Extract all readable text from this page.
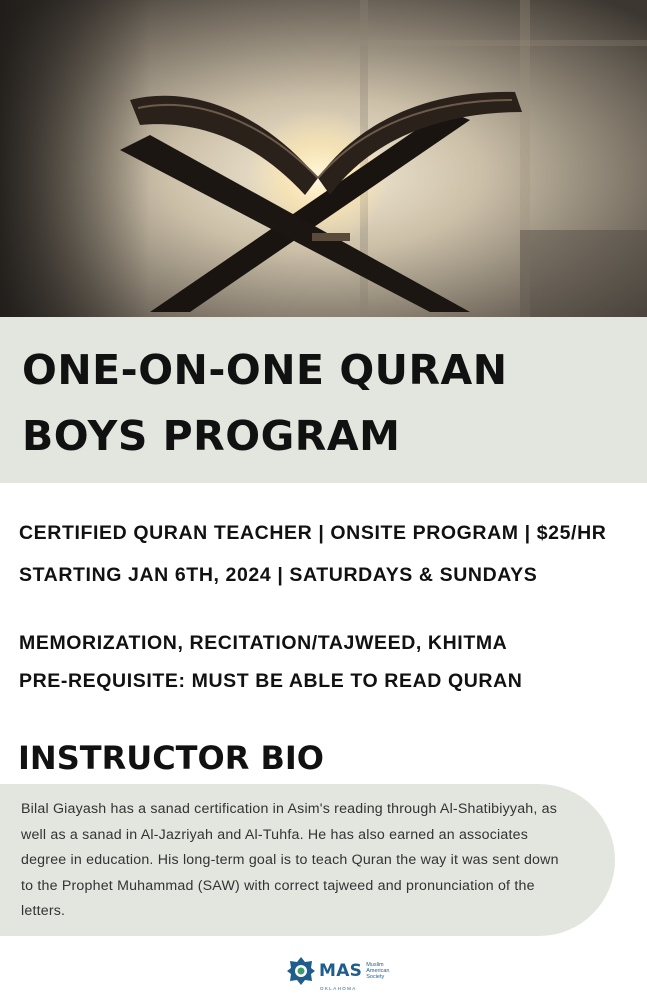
ONE-ON-ONE QURAN
BOYS PROGRAM

CERTIFIED QURAN TEACHER | ONSITE PROGRAM | $25/HR

STARTING JAN 6TH, 2024 | SATURDAYS & SUNDAYS

MEMORIZATION, RECITATION/TAJWEED, KHITMA

PRE-REQUISITE: MUST BE ABLE TO READ QURAN

INSTRUCTOR BIO

Bilal Giayash has a sanad certification in Asim's reading through Al-Shatibiyyah, as well as a sanad in Al-Jazriyah and Al-Tuhfa. He has also earned an associates degree in education. His long-term goal is to teach Quran the way it was sent down to the Prophet Muhammad (SAW) with correct tajweed and pronunciation of the letters.

MAS Muslim American Society
OKLAHOMA
